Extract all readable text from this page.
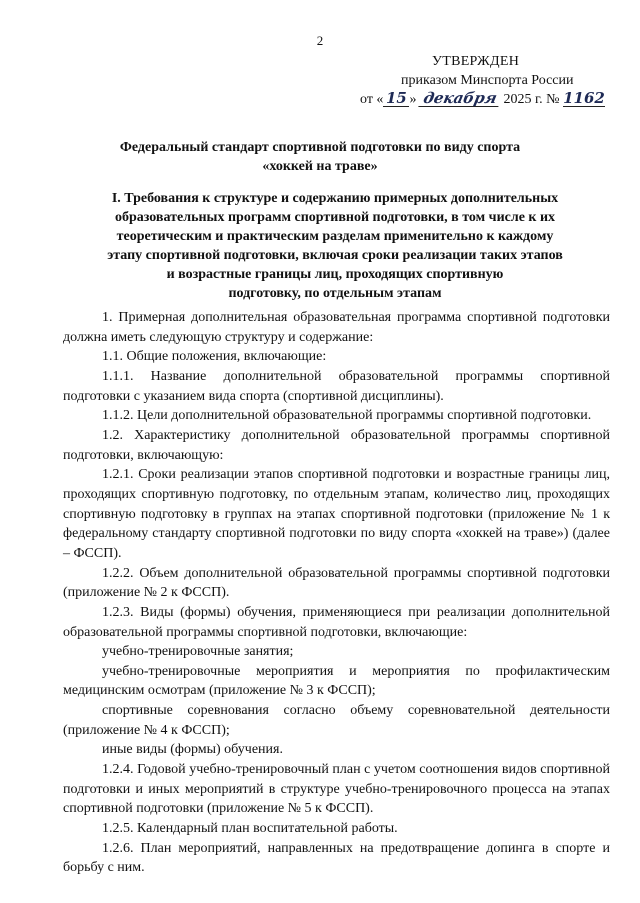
2
УТВЕРЖДЕН
приказом Минспорта России
от « 15 » декабря 2025 г. № 1162
Федеральный стандарт спортивной подготовки по виду спорта
«хоккей на траве»
I. Требования к структуре и содержанию примерных дополнительных
образовательных программ спортивной подготовки, в том числе к их
теоретическим и практическим разделам применительно к каждому
этапу спортивной подготовки, включая сроки реализации таких этапов
и возрастные границы лиц, проходящих спортивную
подготовку, по отдельным этапам

1. Примерная дополнительная образовательная программа спортивной подготовки должна иметь следующую структуру и содержание:

1.1. Общие положения, включающие:

1.1.1. Название дополнительной образовательной программы спортивной подготовки с указанием вида спорта (спортивной дисциплины).

1.1.2. Цели дополнительной образовательной программы спортивной подготовки.

1.2. Характеристику дополнительной образовательной программы спортивной подготовки, включающую:

1.2.1. Сроки реализации этапов спортивной подготовки и возрастные границы лиц, проходящих спортивную подготовку, по отдельным этапам, количество лиц, проходящих спортивную подготовку в группах на этапах спортивной подготовки (приложение № 1 к федеральному стандарту спортивной подготовки по виду спорта «хоккей на траве») (далее – ФССП).

1.2.2. Объем дополнительной образовательной программы спортивной подготовки (приложение № 2 к ФССП).

1.2.3. Виды (формы) обучения, применяющиеся при реализации дополнительной образовательной программы спортивной подготовки, включающие:

учебно-тренировочные занятия;

учебно-тренировочные мероприятия и мероприятия по профилактическим медицинским осмотрам (приложение № 3 к ФССП);

спортивные соревнования согласно объему соревновательной деятельности (приложение № 4 к ФССП);

иные виды (формы) обучения.

1.2.4. Годовой учебно-тренировочный план с учетом соотношения видов спортивной подготовки и иных мероприятий в структуре учебно-тренировочного процесса на этапах спортивной подготовки (приложение № 5 к ФССП).

1.2.5. Календарный план воспитательной работы.

1.2.6. План мероприятий, направленных на предотвращение допинга в спорте и борьбу с ним.
